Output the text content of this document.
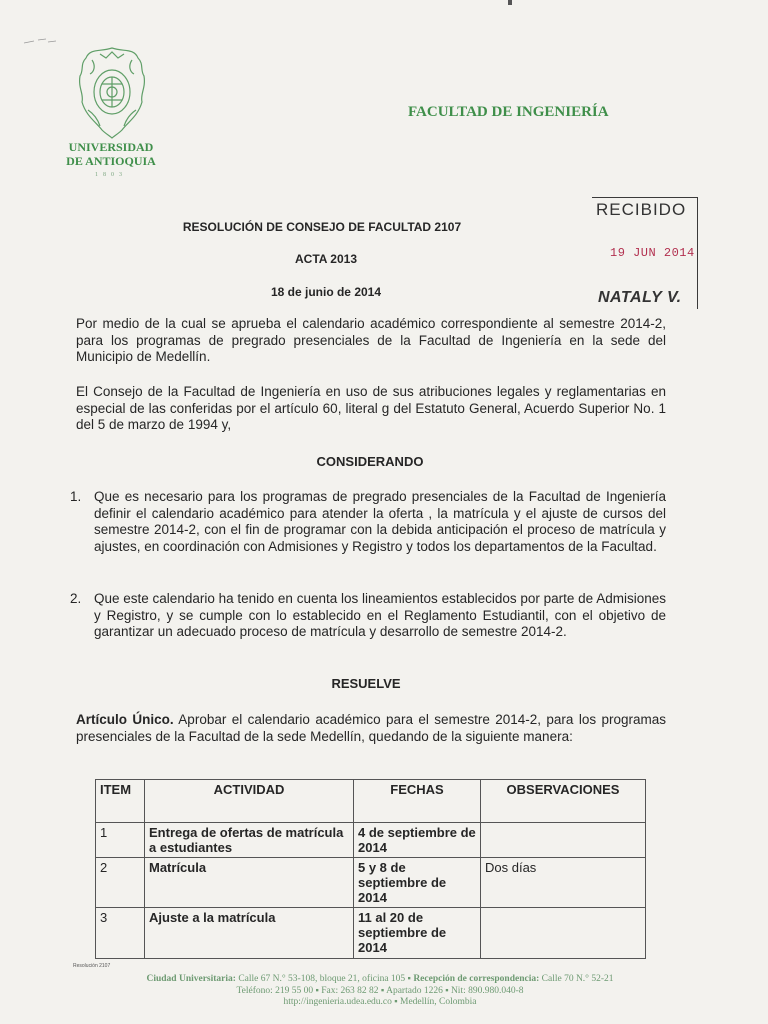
UNIVERSIDAD
DE ANTIOQUIA
1803
FACULTAD DE INGENIERÍA
RECIBIDO
19 JUN 2014
NATALY V.
RESOLUCIÓN DE CONSEJO DE FACULTAD 2107
ACTA 2013
18 de junio de 2014
Por medio de la cual se aprueba el calendario académico correspondiente al semestre 2014-2, para los programas de pregrado presenciales de la Facultad de Ingeniería en la sede del Municipio de Medellín.
El Consejo de la Facultad de Ingeniería en uso de sus atribuciones legales y reglamentarias en especial de las conferidas por el artículo 60, literal g del Estatuto General, Acuerdo Superior No. 1 del 5 de marzo de 1994 y,
CONSIDERANDO
1. Que es necesario para los programas de pregrado presenciales de la Facultad de Ingeniería definir el calendario académico para atender la oferta , la matrícula y el ajuste de cursos del semestre 2014-2, con el fin de programar con la debida anticipación el proceso de matrícula y ajustes, en coordinación con Admisiones y Registro y todos los departamentos de la Facultad.
2. Que este calendario ha tenido en cuenta los lineamientos establecidos por parte de Admisiones y Registro, y se cumple con lo establecido en el Reglamento Estudiantil, con el objetivo de garantizar un adecuado proceso de matrícula y desarrollo de semestre 2014-2.
RESUELVE
Artículo Único. Aprobar el calendario académico para el semestre 2014-2, para los programas presenciales de la Facultad de la sede Medellín, quedando de la siguiente manera:
ITEM	ACTIVIDAD	FECHAS	OBSERVACIONES
1	Entrega de ofertas de matrícula a estudiantes	4 de septiembre de 2014	
2	Matrícula	5 y 8 de septiembre de 2014	Dos días
3	Ajuste a la matrícula	11 al 20 de septiembre de 2014	
Resolución 2107
Ciudad Universitaria: Calle 67 N.° 53-108, bloque 21, oficina 105 ▪ Recepción de correspondencia: Calle 70 N.° 52-21
Teléfono: 219 55 00 ▪ Fax: 263 82 82 ▪ Apartado 1226 ▪ Nit: 890.980.040-8
http://ingenieria.udea.edu.co ▪ Medellín, Colombia
